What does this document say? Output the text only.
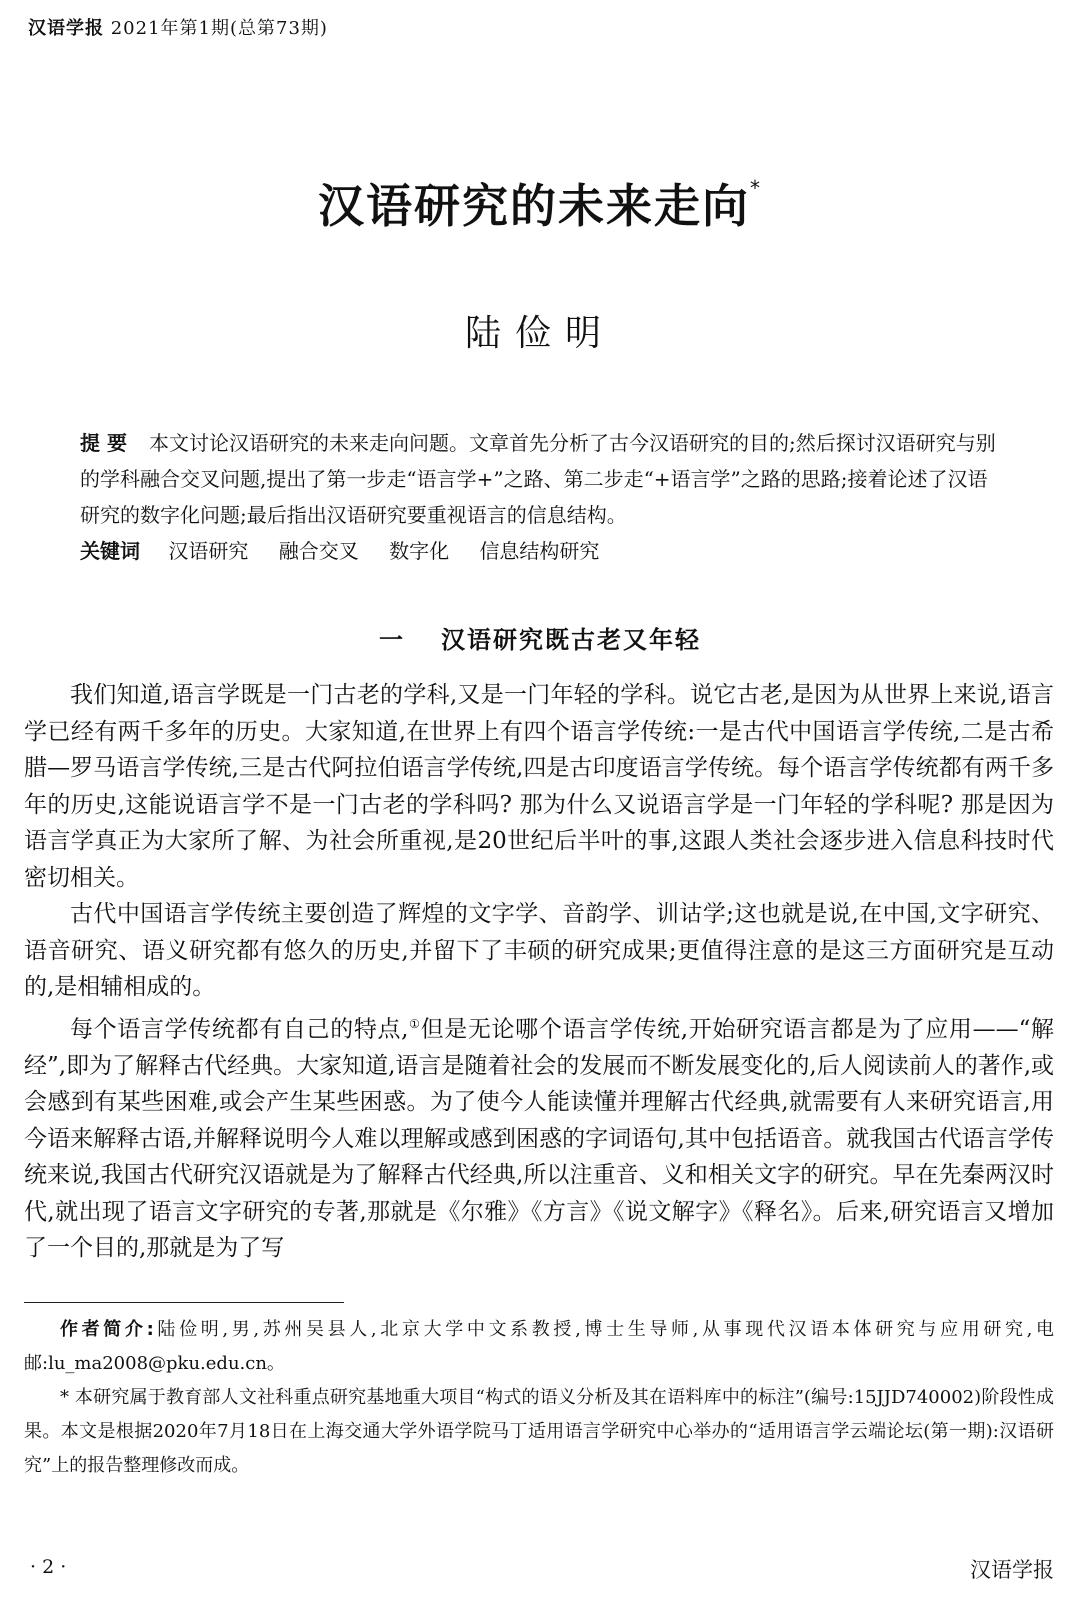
汉语学报 2021年第1期(总第73期)
汉语研究的未来走向*
陆俭明
提 要 本文讨论汉语研究的未来走向问题。文章首先分析了古今汉语研究的目的;然后探讨汉语研究与别的学科融合交叉问题,提出了第一步走“语言学+”之路、第二步走“+语言学”之路的思路;接着论述了汉语研究的数字化问题;最后指出汉语研究要重视语言的信息结构。
关键词 汉语研究 融合交叉 数字化 信息结构研究
一 汉语研究既古老又年轻

我们知道,语言学既是一门古老的学科,又是一门年轻的学科。说它古老,是因为从世界上来说,语言学已经有两千多年的历史。大家知道,在世界上有四个语言学传统:一是古代中国语言学传统,二是古希腊—罗马语言学传统,三是古代阿拉伯语言学传统,四是古印度语言学传统。每个语言学传统都有两千多年的历史,这能说语言学不是一门古老的学科吗? 那为什么又说语言学是一门年轻的学科呢? 那是因为语言学真正为大家所了解、为社会所重视,是20世纪后半叶的事,这跟人类社会逐步进入信息科技时代密切相关。

古代中国语言学传统主要创造了辉煌的文字学、音韵学、训诂学;这也就是说,在中国,文字研究、语音研究、语义研究都有悠久的历史,并留下了丰硕的研究成果;更值得注意的是这三方面研究是互动的,是相辅相成的。

每个语言学传统都有自己的特点,①但是无论哪个语言学传统,开始研究语言都是为了应用——“解经”,即为了解释古代经典。大家知道,语言是随着社会的发展而不断发展变化的,后人阅读前人的著作,或会感到有某些困难,或会产生某些困惑。为了使今人能读懂并理解古代经典,就需要有人来研究语言,用今语来解释古语,并解释说明今人难以理解或感到困惑的字词语句,其中包括语音。就我国古代语言学传统来说,我国古代研究汉语就是为了解释古代经典,所以注重音、义和相关文字的研究。早在先秦两汉时代,就出现了语言文字研究的专著,那就是《尔雅》《方言》《说文解字》《释名》。后来,研究语言又增加了一个目的,那就是为了写

作者简介:陆俭明,男,苏州吴县人,北京大学中文系教授,博士生导师,从事现代汉语本体研究与应用研究,电邮:lu_ma2008@pku.edu.cn。

* 本研究属于教育部人文社科重点研究基地重大项目“构式的语义分析及其在语料库中的标注”(编号:15JJD740002)阶段性成果。本文是根据2020年7月18日在上海交通大学外语学院马丁适用语言学研究中心举办的“适用语言学云端论坛(第一期):汉语研究”上的报告整理修改而成。

· 2 ·	汉语学报
